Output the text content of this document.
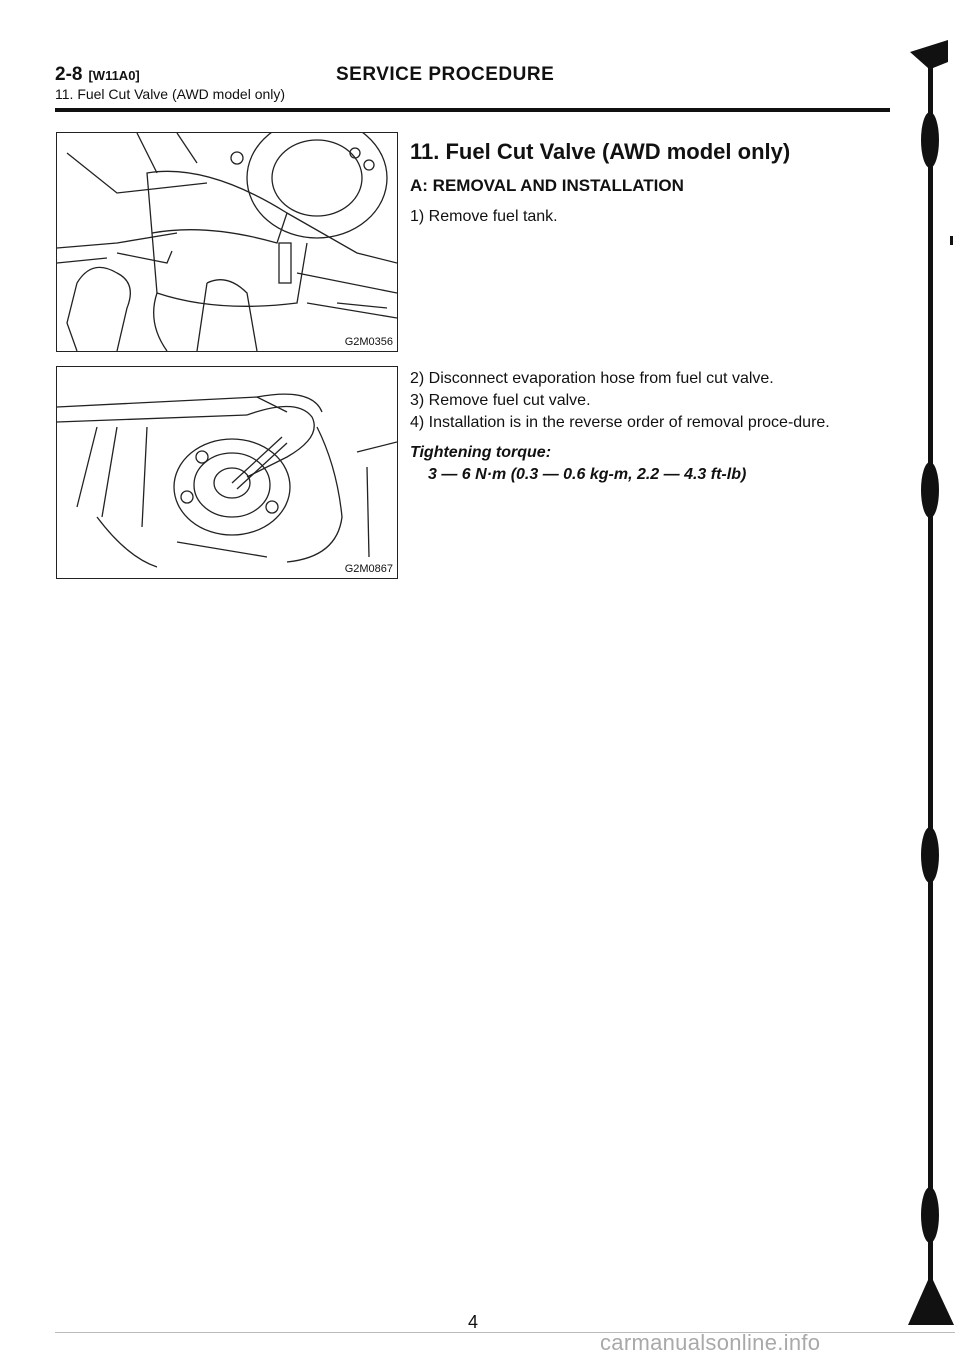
2-8 [W11A0]
11. Fuel Cut Valve (AWD model only)
SERVICE PROCEDURE
G2M0356
G2M0867
11. Fuel Cut Valve (AWD model only)
A: REMOVAL AND INSTALLATION
1) Remove fuel tank.
2) Disconnect evaporation hose from fuel cut valve.
3) Remove fuel cut valve.
4) Installation is in the reverse order of removal proce-dure.
Tightening torque:
3 — 6 N·m (0.3 — 0.6 kg-m, 2.2 — 4.3 ft-lb)
4
carmanualsonline.info
